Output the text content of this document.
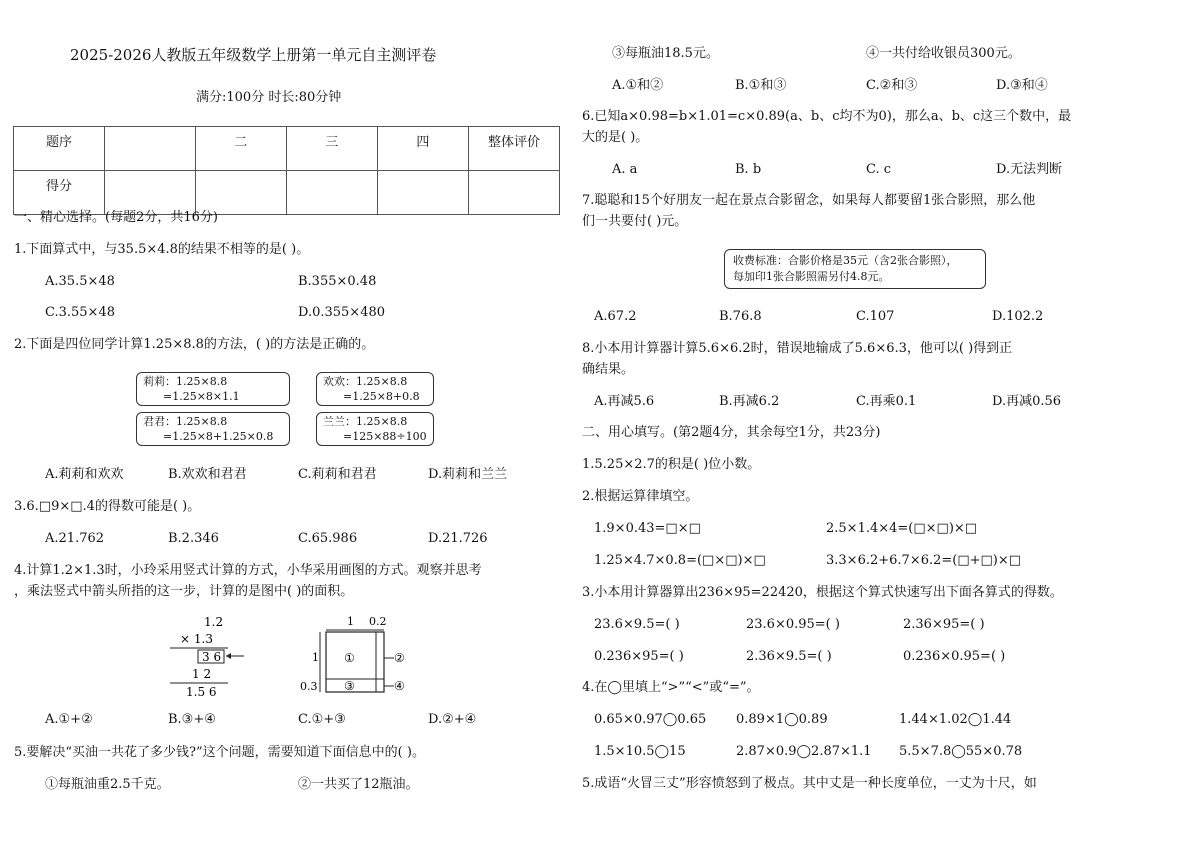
2025-2026人教版五年级数学上册第一单元自主测评卷
满分:100分 时长:80分钟
题序		二	三	四	整体评价
得分					
一、精心选择。(每题2分，共16分)
1.下面算式中，与35.5×4.8的结果不相等的是( )。
A.35.5×48	B.355×0.48
C.3.55×48	D.0.355×480
2.下面是四位同学计算1.25×8.8的方法，( )的方法是正确的。
莉莉：1.25×8.8
=1.25×8×1.1
欢欢：1.25×8.8
=1.25×8+0.8
君君：1.25×8.8
=1.25×8+1.25×0.8
兰兰：1.25×8.8
=125×88÷100
A.莉莉和欢欢	B.欢欢和君君	C.莉莉和君君	D.莉莉和兰兰
3.6.□9×□.4的得数可能是( )。
A.21.762	B.2.346	C.65.986	D.21.726
4.计算1.2×1.3时，小玲采用竖式计算的方式，小华采用画图的方式。观察并思考
，乘法竖式中箭头所指的这一步，计算的是图中( )的面积。
1.2
× 1.3
3 6
1 2
1.5 6
1 0.2
1
0.3
①
③
②
④
A.①+②	B.③+④	C.①+③	D.②+④
5.要解决“买油一共花了多少钱?”这个问题，需要知道下面信息中的( )。
①每瓶油重2.5千克。	②一共买了12瓶油。
③每瓶油18.5元。	④一共付给收银员300元。
A.①和②	B.①和③	C.②和③	D.③和④
6.已知a×0.98=b×1.01=c×0.89(a、b、c均不为0)，那么a、b、c这三个数中，最
大的是( )。
A. a	B. b	C. c	D.无法判断
7.聪聪和15个好朋友一起在景点合影留念，如果每人都要留1张合影照，那么他
们一共要付( )元。
收费标准：合影价格是35元（含2张合影照），
每加印1张合影照需另付4.8元。
A.67.2	B.76.8	C.107	D.102.2
8.小本用计算器计算5.6×6.2时，错误地输成了5.6×6.3，他可以( )得到正
确结果。
A.再减5.6	B.再减6.2	C.再乘0.1	D.再减0.56
二、用心填写。(第2题4分，其余每空1分，共23分)
1.5.25×2.7的积是( )位小数。
2.根据运算律填空。
1.9×0.43=□×□	2.5×1.4×4=(□×□)×□
1.25×4.7×0.8=(□×□)×□	3.3×6.2+6.7×6.2=(□+□)×□
3.小本用计算器算出236×95=22420，根据这个算式快速写出下面各算式的得数。
23.6×9.5=( )	23.6×0.95=( )	2.36×95=( )
0.236×95=( )	2.36×9.5=( )	0.236×0.95=( )
4.在◯里填上“>”“<”或“=”。
0.65×0.97◯0.65 0.89×1◯0.89	1.44×1.02◯1.44
1.5×10.5◯15	2.87×0.9◯2.87×1.1 5.5×7.8◯55×0.78
5.成语“火冒三丈”形容愤怒到了极点。其中丈是一种长度单位，一丈为十尺，如
